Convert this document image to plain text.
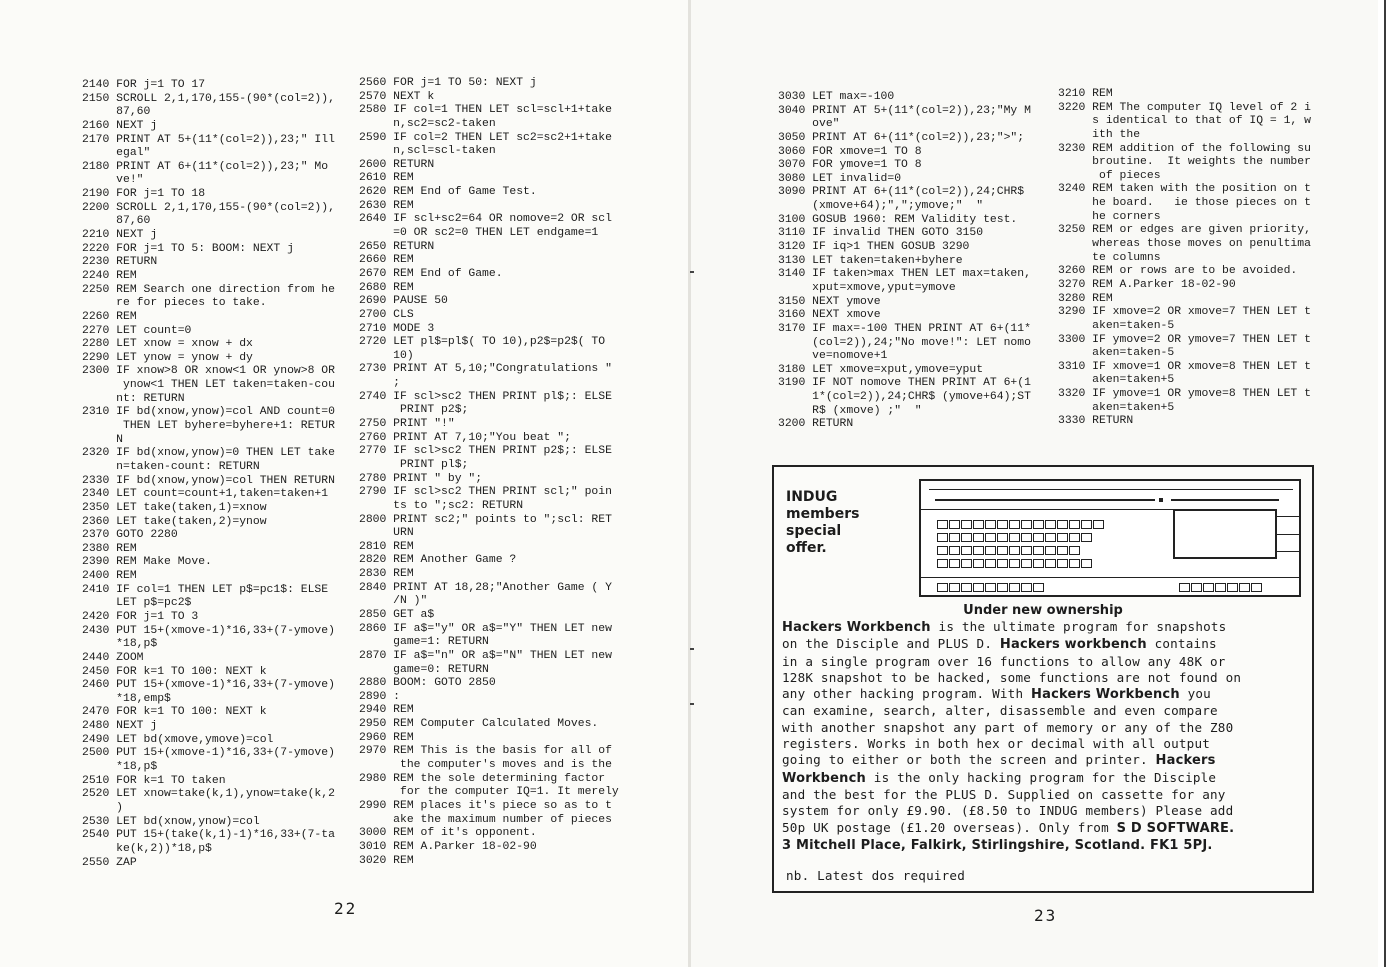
2140 FOR j=1 TO 17
2150 SCROLL 2,1,170,155-(90*(col=2)),
87,60
2160 NEXT j
2170 PRINT AT 5+(11*(col=2)),23;" Ill
egal"
2180 PRINT AT 6+(11*(col=2)),23;" Mo
ve!"
2190 FOR j=1 TO 18
2200 SCROLL 2,1,170,155-(90*(col=2)),
87,60
2210 NEXT j
2220 FOR j=1 TO 5: BOOM: NEXT j
2230 RETURN
2240 REM
2250 REM Search one direction from he
re for pieces to take.
2260 REM
2270 LET count=0
2280 LET xnow = xnow + dx
2290 LET ynow = ynow + dy
2300 IF xnow>8 OR xnow<1 OR ynow>8 OR
ynow<1 THEN LET taken=taken-cou
nt: RETURN
2310 IF bd(xnow,ynow)=col AND count=0
THEN LET byhere=byhere+1: RETUR
N
2320 IF bd(xnow,ynow)=0 THEN LET take
n=taken-count: RETURN
2330 IF bd(xnow,ynow)=col THEN RETURN
2340 LET count=count+1,taken=taken+1
2350 LET take(taken,1)=xnow
2360 LET take(taken,2)=ynow
2370 GOTO 2280
2380 REM
2390 REM Make Move.
2400 REM
2410 IF col=1 THEN LET p$=pc1$: ELSE
LET p$=pc2$
2420 FOR j=1 TO 3
2430 PUT 15+(xmove-1)*16,33+(7-ymove)
*18,p$
2440 ZOOM
2450 FOR k=1 TO 100: NEXT k
2460 PUT 15+(xmove-1)*16,33+(7-ymove)
*18,emp$
2470 FOR k=1 TO 100: NEXT k
2480 NEXT j
2490 LET bd(xmove,ymove)=col
2500 PUT 15+(xmove-1)*16,33+(7-ymove)
*18,p$
2510 FOR k=1 TO taken
2520 LET xnow=take(k,1),ynow=take(k,2
)
2530 LET bd(xnow,ynow)=col
2540 PUT 15+(take(k,1)-1)*16,33+(7-ta
ke(k,2))*18,p$
2550 ZAP
2560 FOR j=1 TO 50: NEXT j
2570 NEXT k
2580 IF col=1 THEN LET scl=scl+1+take
n,sc2=sc2-taken
2590 IF col=2 THEN LET sc2=sc2+1+take
n,scl=scl-taken
2600 RETURN
2610 REM
2620 REM End of Game Test.
2630 REM
2640 IF scl+sc2=64 OR nomove=2 OR scl
=0 OR sc2=0 THEN LET endgame=1
2650 RETURN
2660 REM
2670 REM End of Game.
2680 REM
2690 PAUSE 50
2700 CLS
2710 MODE 3
2720 LET pl$=pl$( TO 10),p2$=p2$( TO
10)
2730 PRINT AT 5,10;"Congratulations "
;
2740 IF scl>sc2 THEN PRINT pl$;: ELSE
PRINT p2$;
2750 PRINT "!"
2760 PRINT AT 7,10;"You beat ";
2770 IF scl>sc2 THEN PRINT p2$;: ELSE
PRINT pl$;
2780 PRINT " by ";
2790 IF scl>sc2 THEN PRINT scl;" poin
ts to ";sc2: RETURN
2800 PRINT sc2;" points to ";scl: RET
URN
2810 REM
2820 REM Another Game ?
2830 REM
2840 PRINT AT 18,28;"Another Game ( Y
/N )"
2850 GET a$
2860 IF a$="y" OR a$="Y" THEN LET new
game=1: RETURN
2870 IF a$="n" OR a$="N" THEN LET new
game=0: RETURN
2880 BOOM: GOTO 2850
2890 :
2940 REM
2950 REM Computer Calculated Moves.
2960 REM
2970 REM This is the basis for all of
the computer's moves and is the
2980 REM the sole determining factor
for the computer IQ=1. It merely
2990 REM places it's piece so as to t
ake the maximum number of pieces
3000 REM of it's opponent.
3010 REM A.Parker 18-02-90
3020 REM
3030 LET max=-100
3040 PRINT AT 5+(11*(col=2)),23;"My M
ove"
3050 PRINT AT 6+(11*(col=2)),23;">";
3060 FOR xmove=1 TO 8
3070 FOR ymove=1 TO 8
3080 LET invalid=0
3090 PRINT AT 6+(11*(col=2)),24;CHR$
(xmove+64);",";ymove;"  "
3100 GOSUB 1960: REM Validity test.
3110 IF invalid THEN GOTO 3150
3120 IF iq>1 THEN GOSUB 3290
3130 LET taken=taken+byhere
3140 IF taken>max THEN LET max=taken,
xput=xmove,yput=ymove
3150 NEXT ymove
3160 NEXT xmove
3170 IF max=-100 THEN PRINT AT 6+(11*
(col=2)),24;"No move!": LET nomo
ve=nomove+1
3180 LET xmove=xput,ymove=yput
3190 IF NOT nomove THEN PRINT AT 6+(1
1*(col=2)),24;CHR$ (ymove+64);ST
R$ (xmove) ;"  "
3200 RETURN
3210 REM
3220 REM The computer IQ level of 2 i
s identical to that of IQ = 1, w
ith the
3230 REM addition of the following su
broutine.  It weights the number
of pieces
3240 REM taken with the position on t
he board.   ie those pieces on t
he corners
3250 REM or edges are given priority,
whereas those moves on penultima
te columns
3260 REM or rows are to be avoided.
3270 REM A.Parker 18-02-90
3280 REM
3290 IF xmove=2 OR xmove=7 THEN LET t
aken=taken-5
3300 IF ymove=2 OR ymove=7 THEN LET t
aken=taken-5
3310 IF xmove=1 OR xmove=8 THEN LET t
aken=taken+5
3320 IF ymove=1 OR ymove=8 THEN LET t
aken=taken+5
3330 RETURN
22	23
INDUG
members
special
offer.
Under new ownership
Hackers Workbench is the ultimate program for snapshots
on the Disciple and PLUS D. Hackers workbench contains
in a single program over 16 functions to allow any 48K or
128K snapshot to be hacked, some functions are not found on
any other hacking program. With Hackers Workbench you
can examine, search, alter, disassemble and even compare
with another snapshot any part of memory or any of the Z80
registers. Works in both hex or decimal with all output
going to either or both the screen and printer. Hackers
Workbench is the only hacking program for the Disciple
and the best for the PLUS D. Supplied on cassette for any
system for only £9.90. (£8.50 to INDUG members) Please add
50p UK postage (£1.20 overseas). Only from S D SOFTWARE.
3 Mitchell Place, Falkirk, Stirlingshire, Scotland. FK1 5PJ.
nb. Latest dos required
